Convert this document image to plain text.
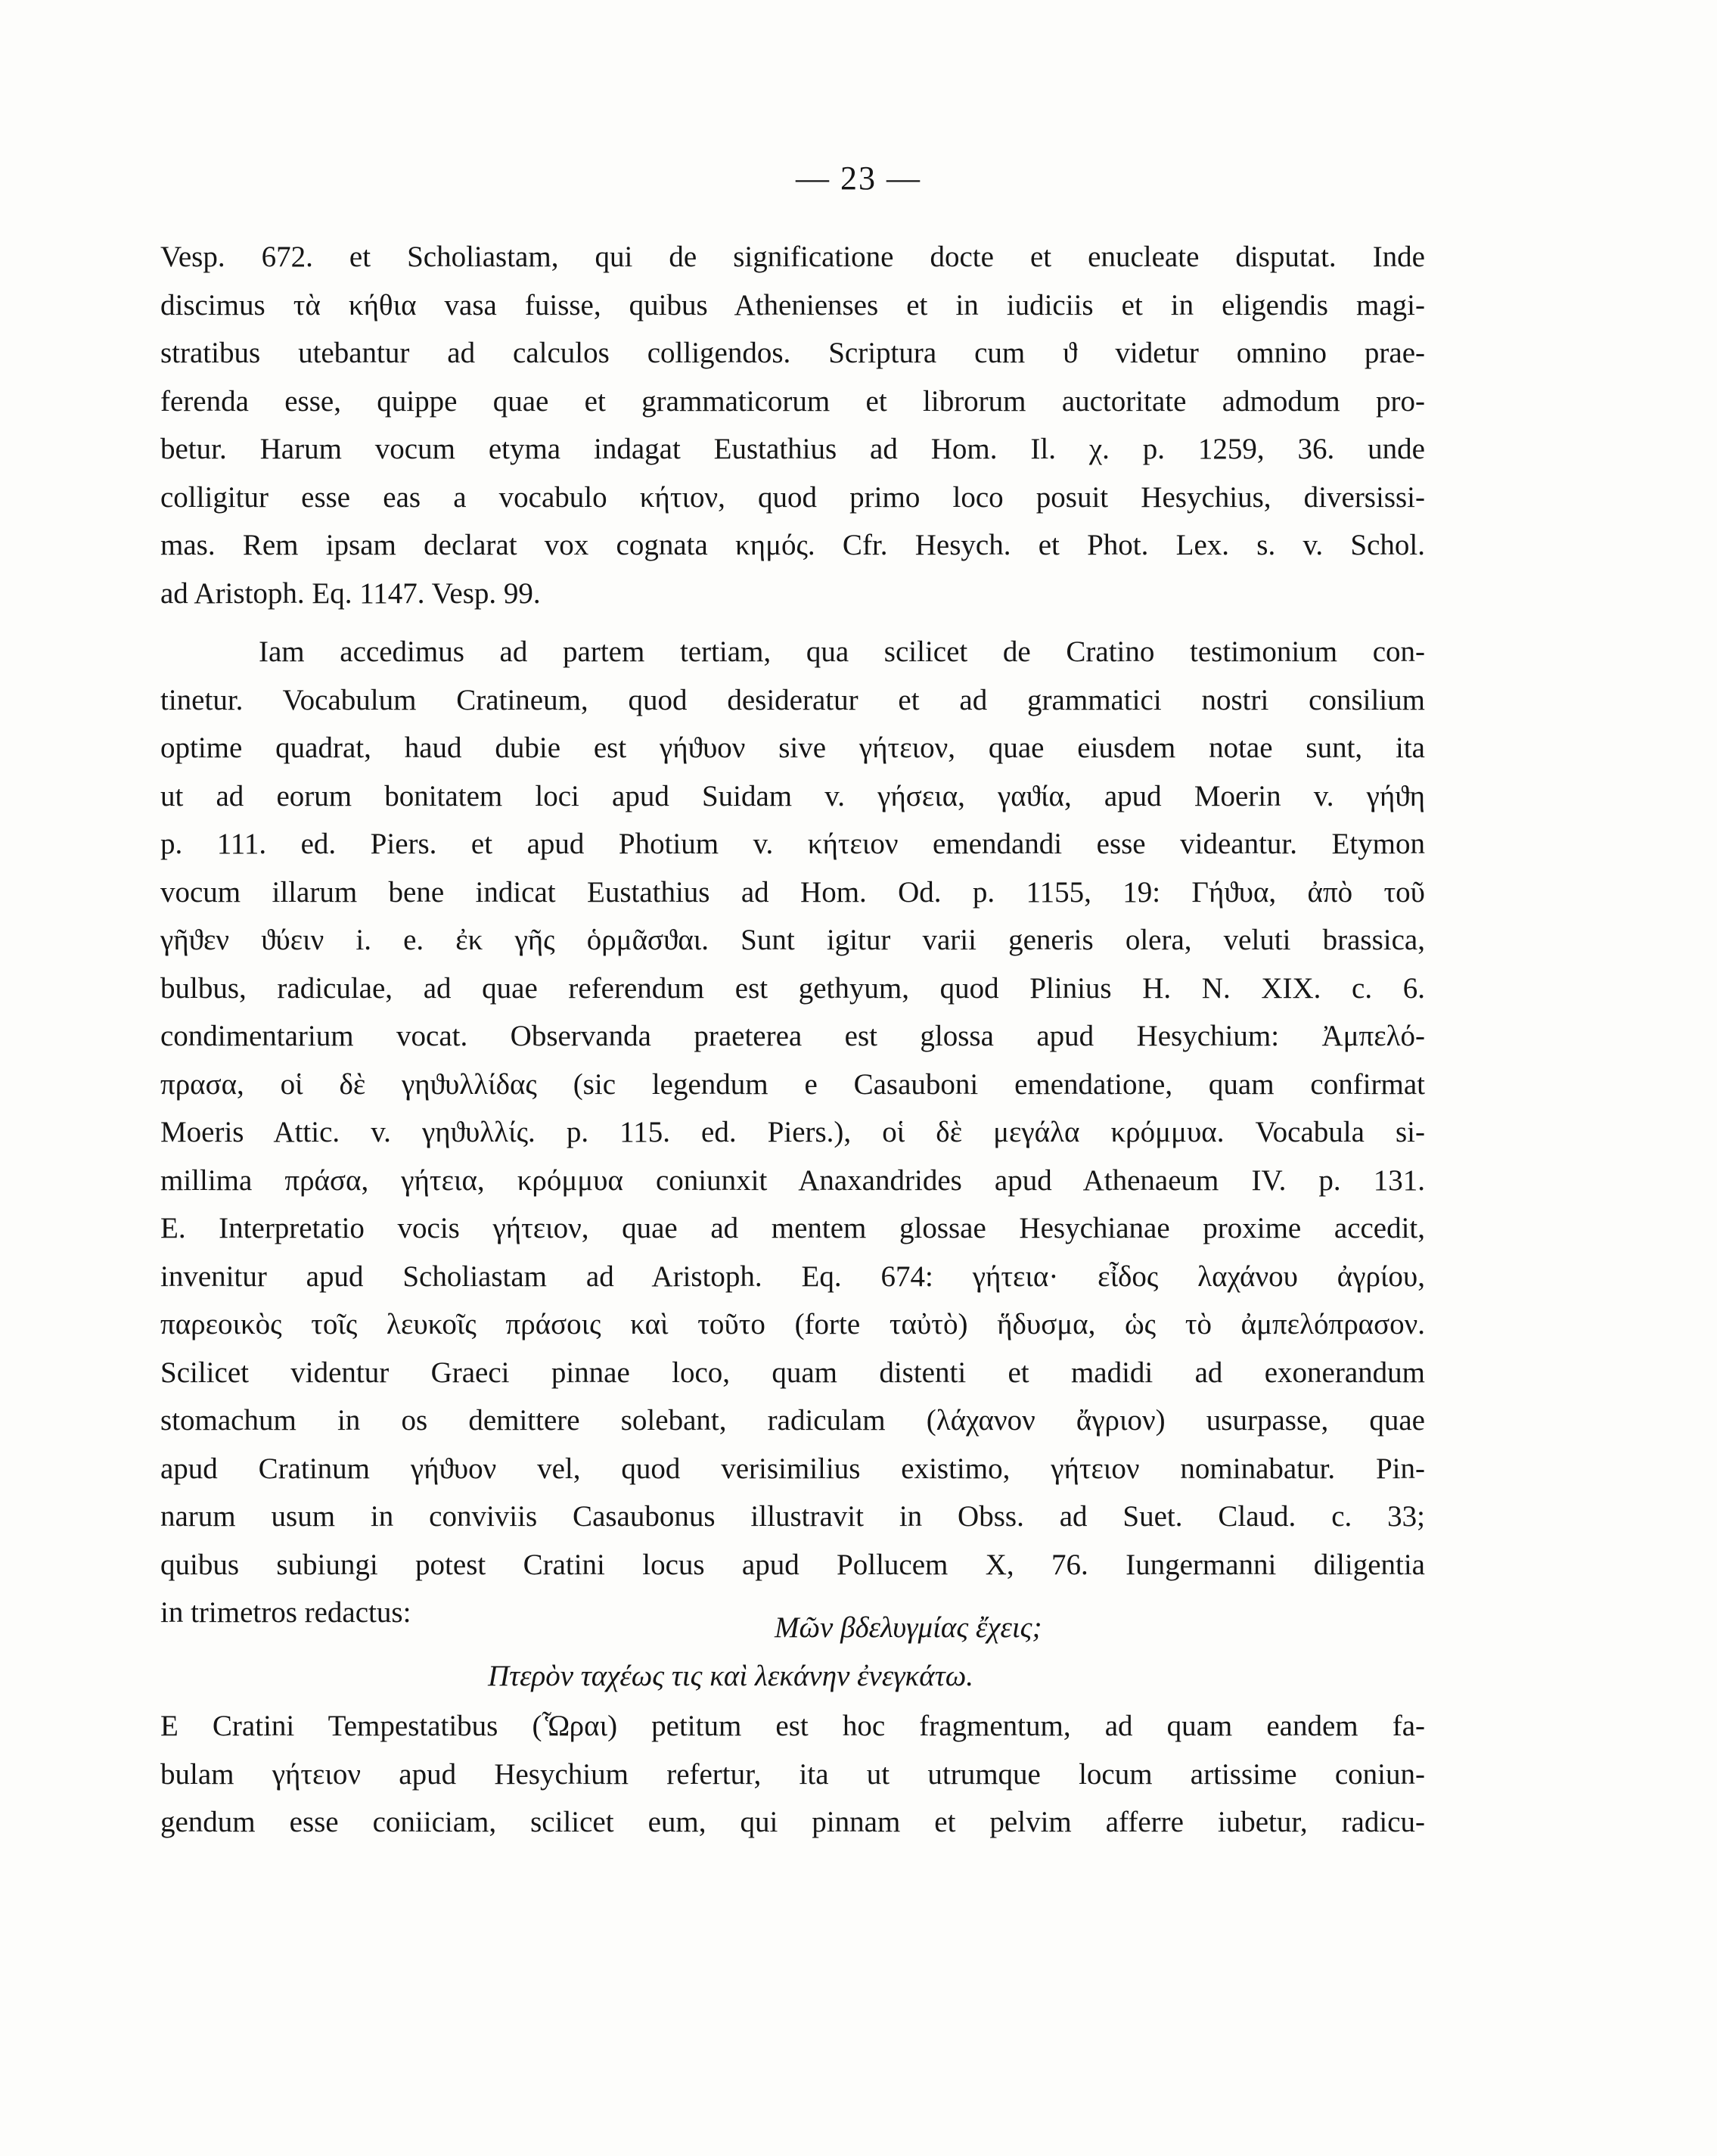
— 23 —
Vesp. 672. et Scholiastam, qui de significatione docte et enucleate disputat. Inde
discimus τὰ κήθια vasa fuisse, quibus Athenienses et in iudiciis et in eligendis magi-
stratibus utebantur ad calculos colligendos. Scriptura cum ϑ videtur omnino prae-
ferenda esse, quippe quae et grammaticorum et librorum auctoritate admodum pro-
betur. Harum vocum etyma indagat Eustathius ad Hom. Il. χ. p. 1259, 36. unde
colligitur esse eas a vocabulo κήτιον, quod primo loco posuit Hesychius, diversissi-
mas. Rem ipsam declarat vox cognata κημός. Cfr. Hesych. et Phot. Lex. s. v. Schol.
ad Aristoph. Eq. 1147. Vesp. 99.
Iam accedimus ad partem tertiam, qua scilicet de Cratino testimonium con-
tinetur. Vocabulum Cratineum, quod desideratur et ad grammatici nostri consilium
optime quadrat, haud dubie est γήϑυον sive γήτειον, quae eiusdem notae sunt, ita
ut ad eorum bonitatem loci apud Suidam v. γήσεια, γαϑία, apud Moerin v. γήϑη
p. 111. ed. Piers. et apud Photium v. κήτειον emendandi esse videantur. Etymon
vocum illarum bene indicat Eustathius ad Hom. Od. p. 1155, 19: Γήϑυα, ἀπὸ τοῦ
γῆϑεν ϑύειν i. e. ἐκ γῆς ὁρμᾶσϑαι. Sunt igitur varii generis olera, veluti brassica,
bulbus, radiculae, ad quae referendum est gethyum, quod Plinius H. N. XIX. c. 6.
condimentarium vocat. Observanda praeterea est glossa apud Hesychium: Ἀμπελό-
πρασα, οἱ δὲ γηϑυλλίδας (sic legendum e Casauboni emendatione, quam confirmat
Moeris Attic. v. γηϑυλλίς. p. 115. ed. Piers.), οἱ δὲ μεγάλα κρόμμυα. Vocabula si-
millima πράσα, γήτεια, κρόμμυα coniunxit Anaxandrides apud Athenaeum IV. p. 131.
E. Interpretatio vocis γήτειον, quae ad mentem glossae Hesychianae proxime accedit,
invenitur apud Scholiastam ad Aristoph. Eq. 674: γήτεια· εἶδος λαχάνου ἀγρίου,
παρεοικὸς τοῖς λευκοῖς πράσοις καὶ τοῦτο (forte ταὐτὸ) ἥδυσμα, ὡς τὸ ἀμπελόπρασον.
Scilicet videntur Graeci pinnae loco, quam distenti et madidi ad exonerandum
stomachum in os demittere solebant, radiculam (λάχανον ἄγριον) usurpasse, quae
apud Cratinum γήϑυον vel, quod verisimilius existimo, γήτειον nominabatur. Pin-
narum usum in conviviis Casaubonus illustravit in Obss. ad Suet. Claud. c. 33;
quibus subiungi potest Cratini locus apud Pollucem X, 76. Iungermanni diligentia
in trimetros redactus:	Μῶν βδελυγμίας ἔχεις;
Πτερὸν ταχέως τις καὶ λεκάνην ἐνεγκάτω.
E Cratini Tempestatibus (Ὧραι) petitum est hoc fragmentum, ad quam eandem fa-
bulam γήτειον apud Hesychium refertur, ita ut utrumque locum artissime coniun-
gendum esse coniiciam, scilicet eum, qui pinnam et pelvim afferre iubetur, radicu-
